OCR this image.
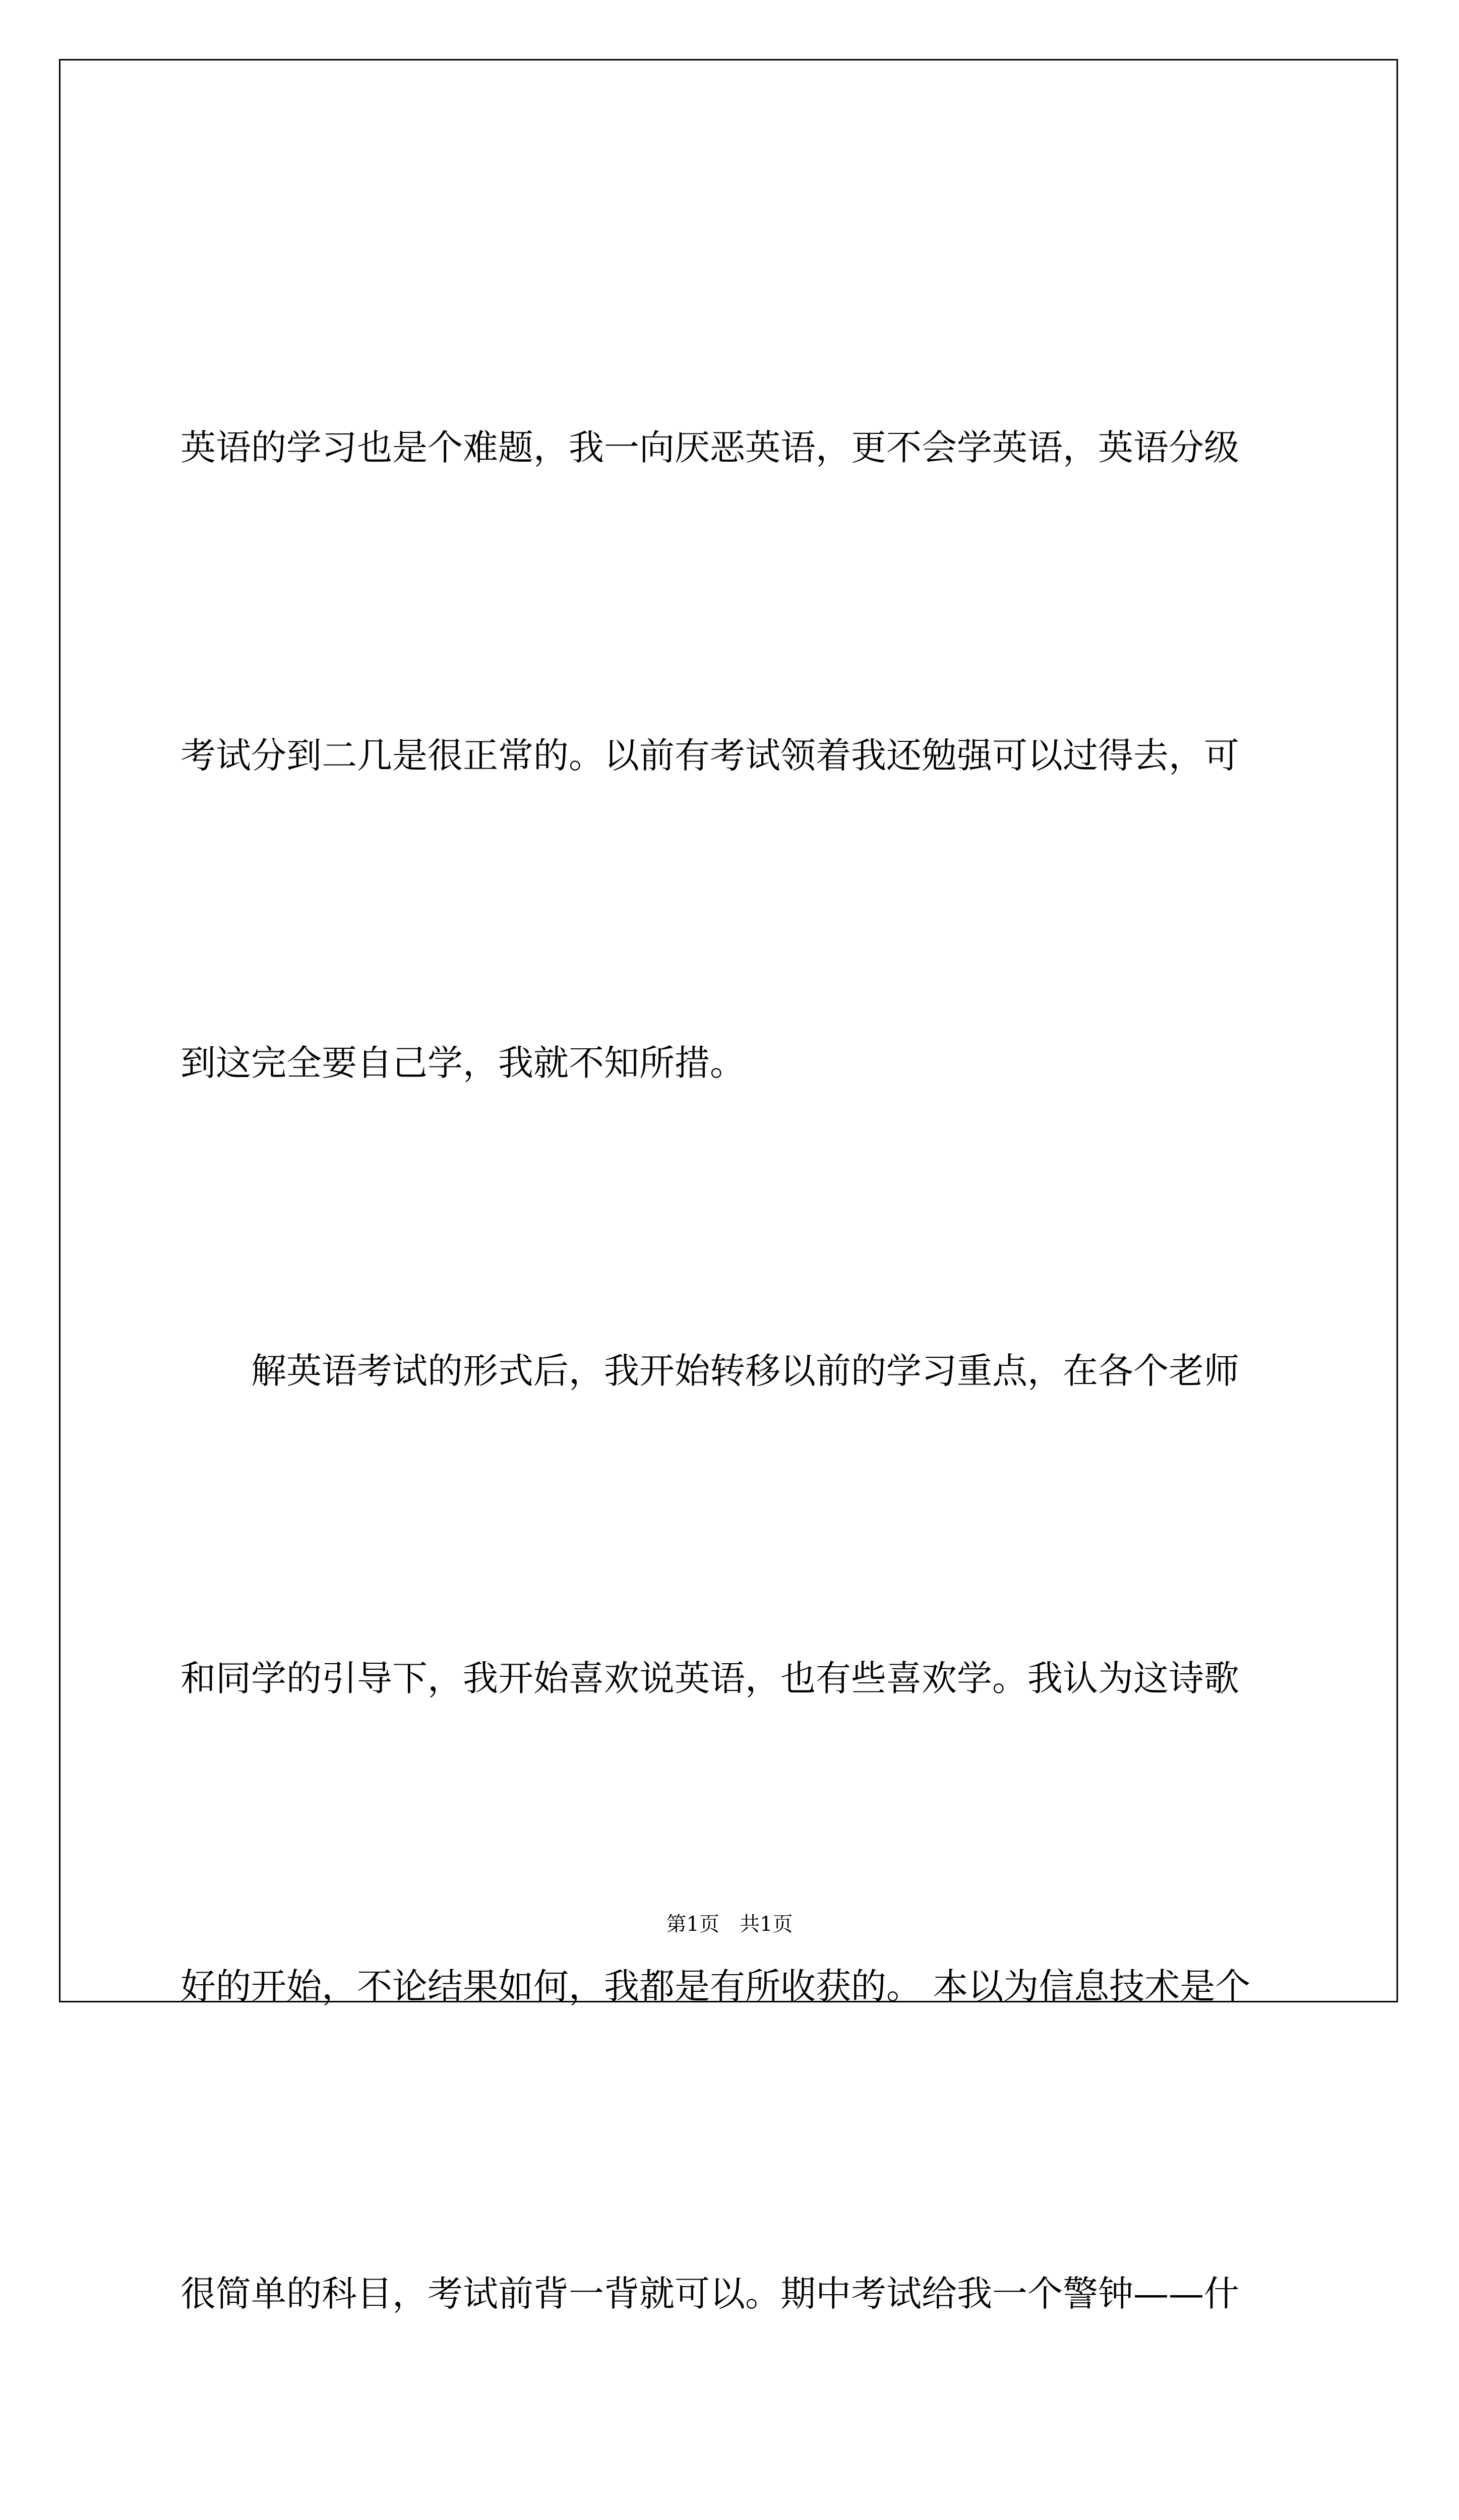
英语的学习也是个难题，我一向厌恶英语，更不会学英语，英语分级

考试分到二几是很正常的。以前有考试领着我还勉强可以过得去，可

到这完全要自己学，我就不知所措。

　　解英语考试的形式后，我开始转移以前的学习重点，在各个老师

和同学的引导下，我开始喜欢说英语，也有些喜欢学。我认为这诗歌

好的开始，不论结果如何，我都是有所收获的。 本以为信息技术是个

很简单的科目，考试前背一背就可以。期中考试给我一个警钟——什

第1页　共1页
